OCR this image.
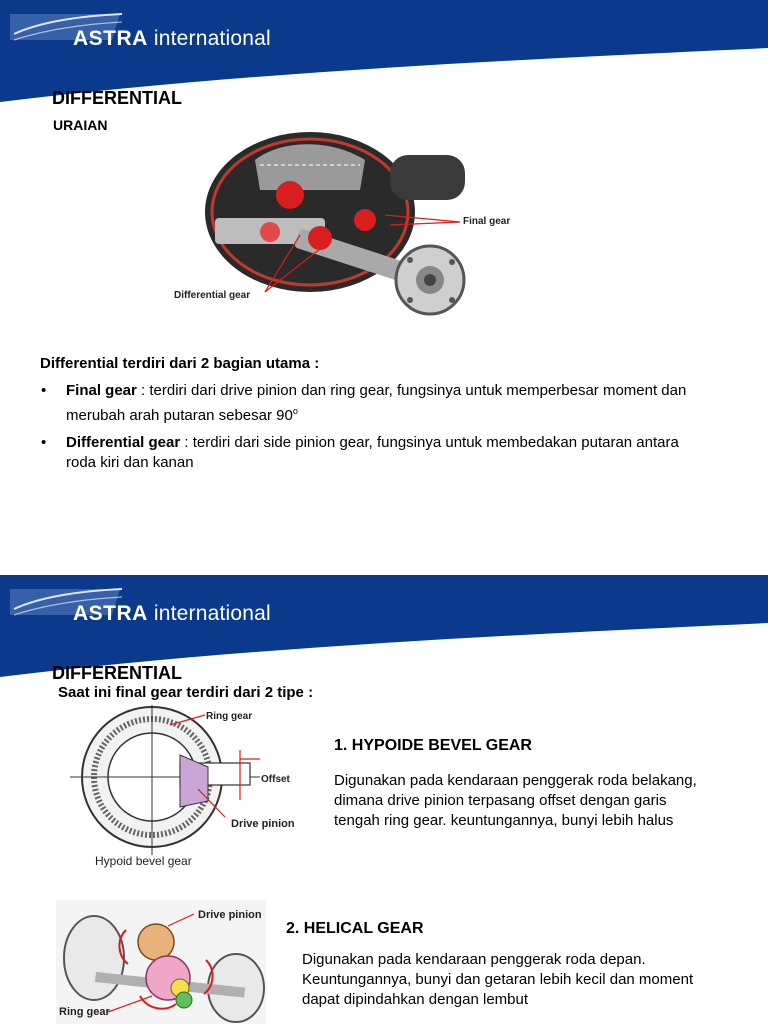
ASTRA international
DIFFERENTIAL
URAIAN
Final gear
Differential gear
Differential terdiri dari 2 bagian utama :
• Final gear : terdiri dari drive pinion dan ring gear, fungsinya untuk memperbesar moment dan
merubah arah putaran sebesar 90$^o$
• Differential gear : terdiri dari side pinion gear, fungsinya untuk membedakan putaran antara
roda kiri dan kanan
ASTRA international
DIFFERENTIAL
Saat ini final gear terdiri dari 2 tipe :
Ring gear
Offset
Drive pinion
Hypoid bevel gear
1. HYPOIDE BEVEL GEAR
Digunakan pada kendaraan penggerak roda belakang,
dimana drive pinion terpasang offset dengan garis
tengah ring gear. keuntungannya, bunyi lebih halus
Drive pinion
Ring gear
2. HELICAL GEAR
Digunakan pada kendaraan penggerak roda depan.
Keuntungannya, bunyi dan getaran lebih kecil dan moment
dapat dipindahkan dengan lembut
